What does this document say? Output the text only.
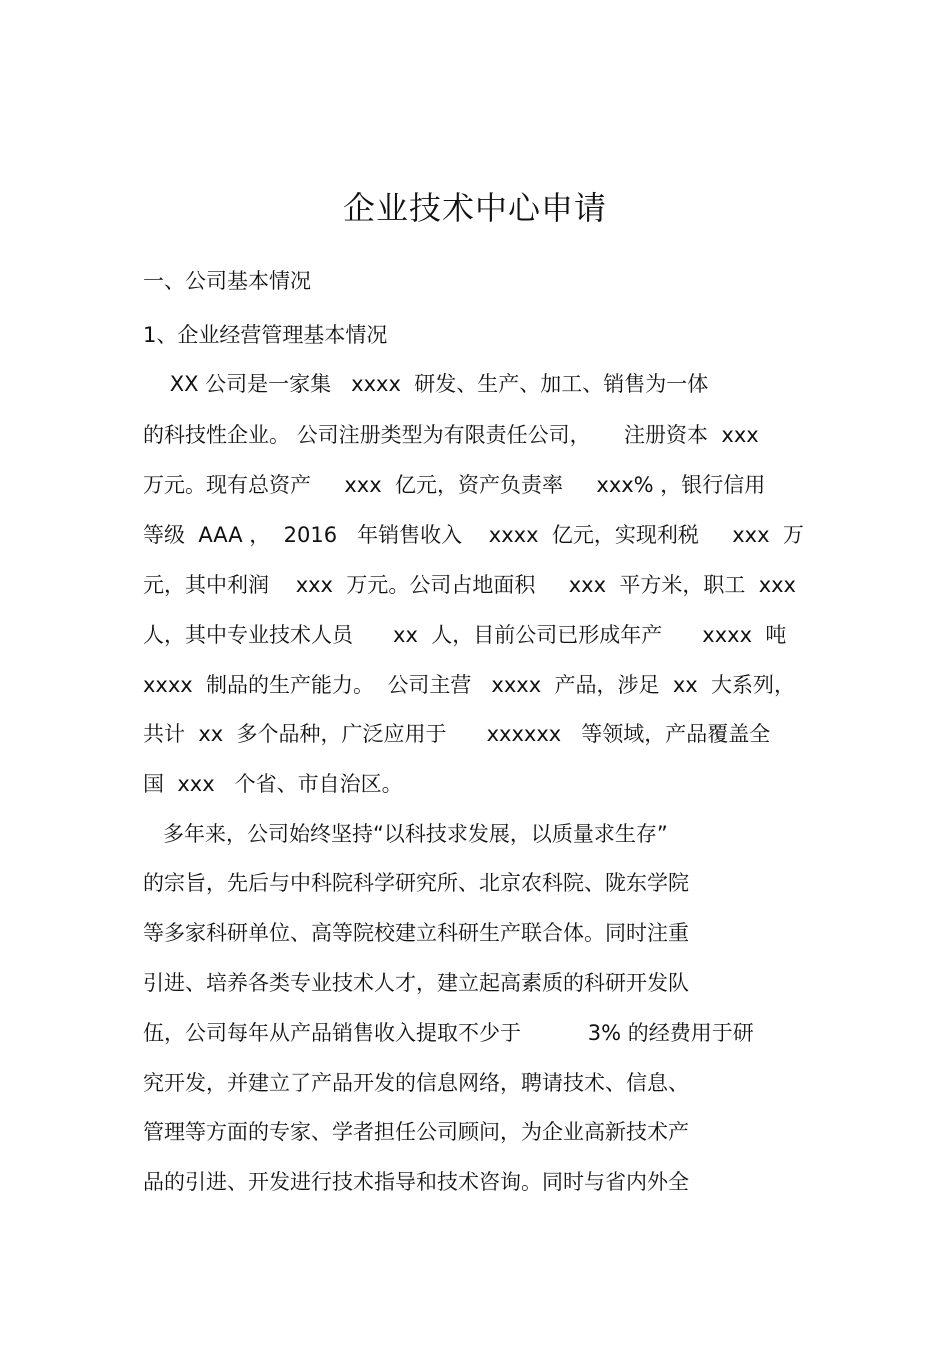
企业技术中心申请
一、公司基本情况
1、企业经营管理基本情况
XX 公司是一家集   xxxx  研发、生产、加工、销售为一体
的科技性企业。 公司注册类型为有限责任公司，     注册资本  xxx
万元。现有总资产     xxx  亿元，资产负责率     xxx% ，银行信用
等级  AAA ，  2016   年销售收入    xxxx  亿元，实现利税     xxx  万
元，其中利润    xxx  万元。公司占地面积     xxx  平方米，职工  xxx
人，其中专业技术人员      xx  人，目前公司已形成年产      xxxx  吨
xxxx  制品的生产能力。  公司主营   xxxx  产品，涉足  xx  大系列，
共计  xx  多个品种，广泛应用于      xxxxxx   等领域，产品覆盖全
国  xxx   个省、市自治区。
多年来，公司始终坚持“以科技求发展，以质量求生存”
的宗旨，先后与中科院科学研究所、北京农科院、陇东学院
等多家科研单位、高等院校建立科研生产联合体。同时注重
引进、培养各类专业技术人才，建立起高素质的科研开发队
伍，公司每年从产品销售收入提取不少于          3% 的经费用于研
究开发，并建立了产品开发的信息网络，聘请技术、信息、
管理等方面的专家、学者担任公司顾问，为企业高新技术产
品的引进、开发进行技术指导和技术咨询。同时与省内外全
